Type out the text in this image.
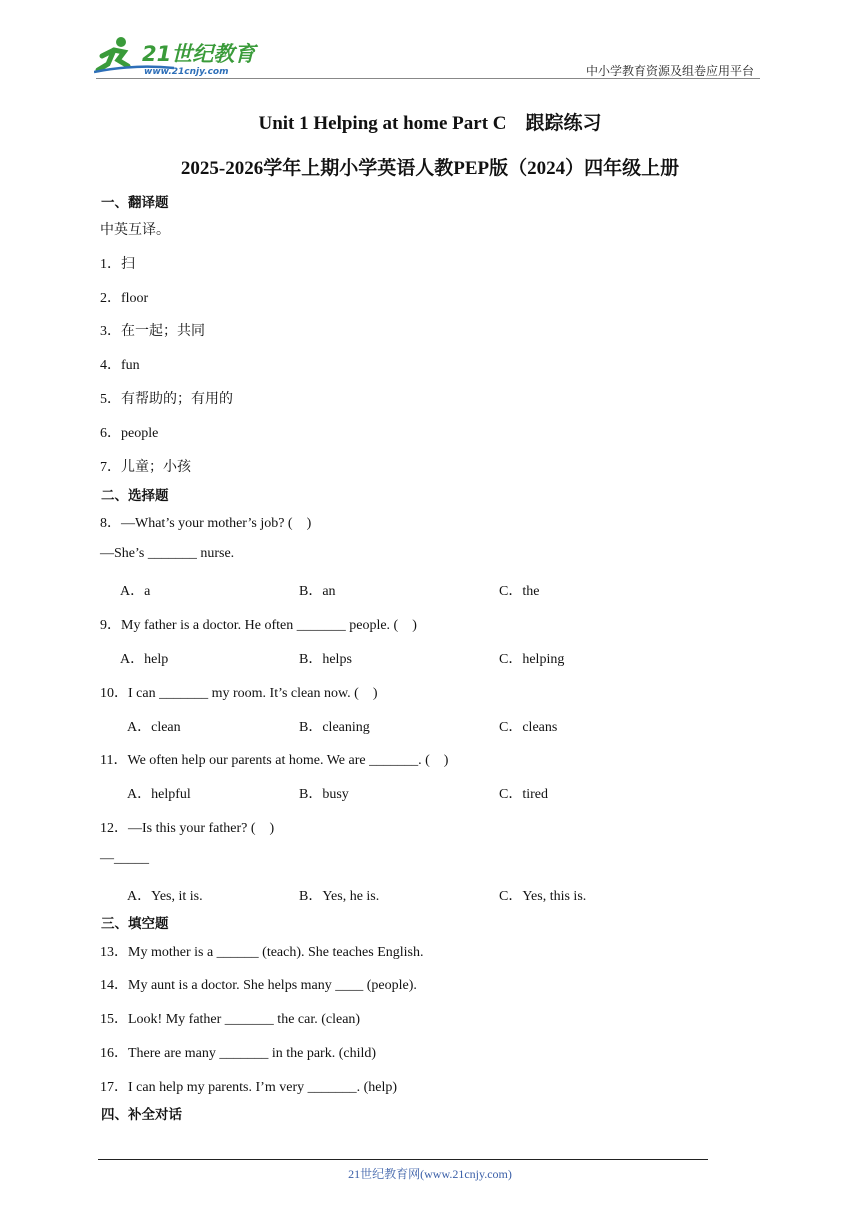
21世纪教育
www.21cnjy.com	中小学教育资源及组卷应用平台
Unit 1 Helping at home Part C　跟踪练习
2025-2026学年上期小学英语人教PEP版（2024）四年级上册
一、翻译题
中英互译。
1．扫
2．floor
3．在一起；共同
4．fun
5．有帮助的；有用的
6．people
7．儿童；小孩
二、选择题
8．—What’s your mother’s job? (　)
—She’s _______ nurse.
A．a	B．an	C．the
9．My father is a doctor. He often _______ people. (　)
A．help	B．helps	C．helping
10．I can _______ my room. It’s clean now. (　)
A．clean	B．cleaning	C．cleans
11．We often help our parents at home. We are _______. (　)
A．helpful	B．busy	C．tired
12．—Is this your father? (　)
—_____
A．Yes, it is.	B．Yes, he is.	C．Yes, this is.
三、填空题
13．My mother is a ______ (teach). She teaches English.
14．My aunt is a doctor. She helps many ____ (people).
15．Look! My father _______ the car. (clean)
16．There are many _______ in the park. (child)
17．I can help my parents. I’m very _______. (help)
四、补全对话
21世纪教育网(www.21cnjy.com)
